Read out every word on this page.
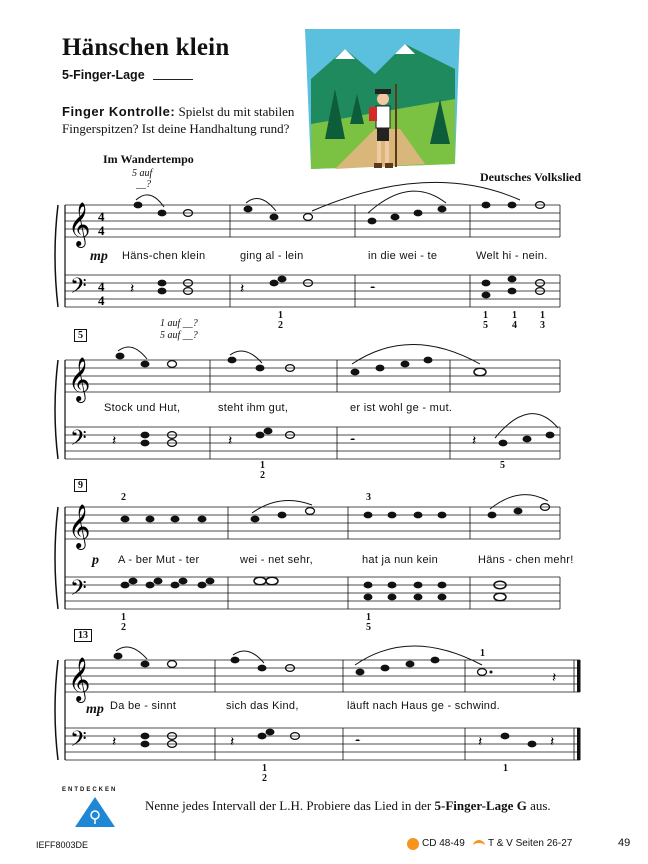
Hänschen klein
5-Finger-Lage
Finger Kontrolle: Spielst du mit stabilen Fingerspitzen? Ist deine Handhaltung rund?
Im Wandertempo
Deutsches Volkslied
𝄞
𝄢
4
4
4
4
𝄽	𝄽	𝄼
5 auf
__?
mp Häns-chen klein	ging al - lein	in die wei - te	Welt hi - nein.
1 auf __?
5 auf __?
1
2
1
5
1
4
1
3
5
𝄞
𝄢 𝄽	𝄽	𝄼	𝄽
Stock und Hut,	steht ihm gut,	er ist wohl ge - mut.
1
2
5
9
𝄞
𝄢
2	3
p A - ber Mut - ter	wei - net sehr,	hat ja nun kein	Häns - chen mehr!
1
2
1
5
13
𝄞
𝄢 𝄽	𝄽	𝄼	𝄽	𝄽
𝄽
1
mp Da be - sinnt	sich das Kind,	läuft nach Haus ge - schwind.
1
2
1
ENTDECKEN
Nenne jedes Intervall der L.H. Probiere das Lied in der 5-Finger-Lage G aus.
IEFF8003DE	CD 48-49 T & V Seiten 26-27	49
